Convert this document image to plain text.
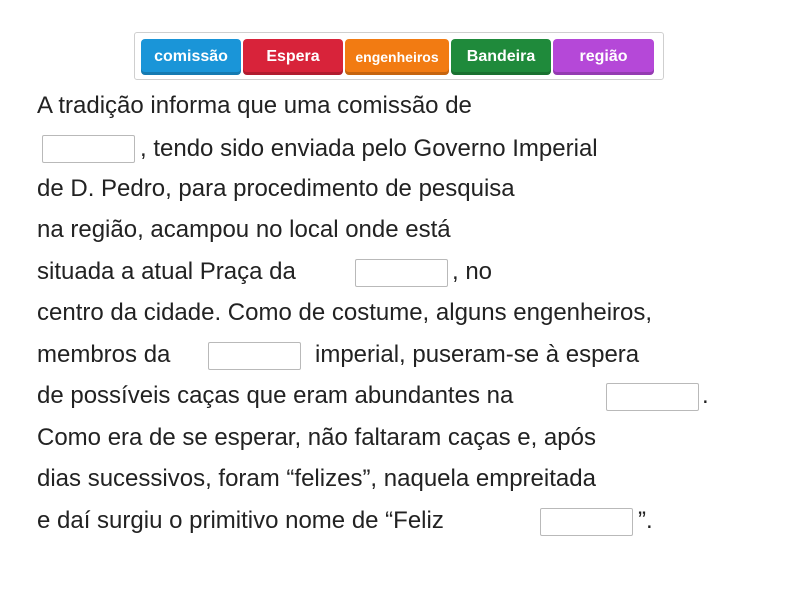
comissão	Espera	engenheiros	Bandeira	região
A tradição informa que uma comissão de
, tendo sido enviada pelo Governo Imperial
de D. Pedro, para procedimento de pesquisa
na região, acampou no local onde está
situada a atual Praça da	, no
centro da cidade. Como de costume, alguns engenheiros,
membros da	imperial, puseram-se à espera
de possíveis caças que eram abundantes na	.
Como era de se esperar, não faltaram caças e, após
dias sucessivos, foram “felizes”, naquela empreitada
e daí surgiu o primitivo nome de “Feliz	”.
